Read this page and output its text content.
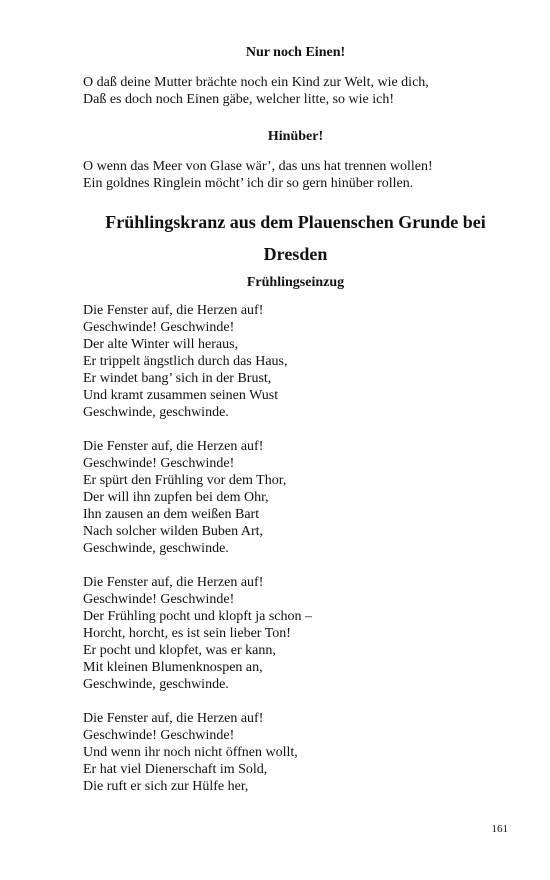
Nur noch Einen!

O daß deine Mutter brächte noch ein Kind zur Welt, wie dich,
Daß es doch noch Einen gäbe, welcher litte, so wie ich!

Hinüber!

O wenn das Meer von Glase wär’, das uns hat trennen wollen!
Ein goldnes Ringlein möcht’ ich dir so gern hinüber rollen.

Frühlingskranz aus dem Plauenschen Grunde bei
Dresden
Frühlingseinzug

Die Fenster auf, die Herzen auf!
Geschwinde! Geschwinde!
Der alte Winter will heraus,
Er trippelt ängstlich durch das Haus,
Er windet bang’ sich in der Brust,
Und kramt zusammen seinen Wust
Geschwinde, geschwinde.

Die Fenster auf, die Herzen auf!
Geschwinde! Geschwinde!
Er spürt den Frühling vor dem Thor,
Der will ihn zupfen bei dem Ohr,
Ihn zausen an dem weißen Bart
Nach solcher wilden Buben Art,
Geschwinde, geschwinde.

Die Fenster auf, die Herzen auf!
Geschwinde! Geschwinde!
Der Frühling pocht und klopft ja schon –
Horcht, horcht, es ist sein lieber Ton!
Er pocht und klopfet, was er kann,
Mit kleinen Blumenknospen an,
Geschwinde, geschwinde.

Die Fenster auf, die Herzen auf!
Geschwinde! Geschwinde!
Und wenn ihr noch nicht öffnen wollt,
Er hat viel Dienerschaft im Sold,
Die ruft er sich zur Hülfe her,

161
